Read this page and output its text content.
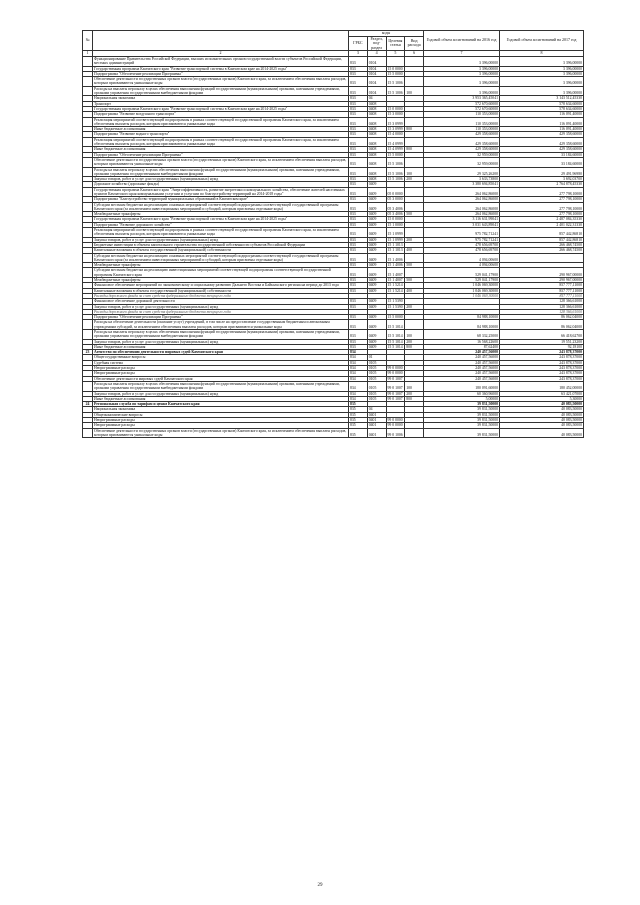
№		коды				Годовой объем ассигнований на 2016 год	Годовой объем ассигнований на 2017 год
		ГРБС	Раздел, под-раздел	Целевая статья	Вид расхода		
1	2	3	4	5	6	7	8
	Функционирование Правительства Российской Федерации, высших исполнительных органов государственной власти субъектов Российской Федерации, местных администраций	833	0104			3 396,00000	3 396,00000
	Государственная программа Камчатского края "Развитие транспортной системы в Камчатском крае на 2014-2025 годы"	833	0104	15 0 0000		3 396,00000	3 396,00000
	Подпрограмма "Обеспечение реализации Программы"	833	0104	15 5 0000		3 396,00000	3 396,00000
	Обеспечение деятельности государственных органов власти (государственных органов) Камчатского края, за исключением обеспечения выплаты расходов, которым присваиваются уникальные коды	833	0104	15 5 1006		3 396,00000	3 396,00000
	Расходы на выплаты персоналу в целях обеспечения выполнения функций государственными (муниципальными) органами, казенными учреждениями, органами управления государственными внебюджетными фондами	833	0104	15 5 1006	100	3 396,00000	3 396,00000
	Национальная экономика	833	04			3 953 365,45041	3 143 512,45330
	Транспорт	833	0408			572 670,60000	578 634,60000
	Государственная программа Камчатского края "Развитие транспортной системы в Камчатском крае на 2014-2025 годы"	833	0408	15 0 0000		572 670,60000	578 634,60000
	Подпрограмма "Развитие воздушного транспорта"	833	0408	15 3 0000		110 353,00000	116 091,40000
	Реализация мероприятий соответствующей подпрограммы в рамках соответствующей государственной программы Камчатского края, за исключением обеспечения выплаты расходов, которым присваиваются уникальные коды	833	0408	15 3 0999		110 353,00000	116 091,40000
	Иные бюджетные ассигнования	833	0408	15 3 0999	800	110 353,00000	116 091,40000
	Подпрограмма "Развитие водного транспорта"	833	0408	15 4 0000		429 358,60000	429 358,60000
	Реализация мероприятий соответствующей подпрограммы в рамках соответствующей государственной программы Камчатского края, за исключением обеспечения выплаты расходов, которым присваиваются уникальные коды	833	0408	15 4 0999		429 358,60000	429 358,60000
	Иные бюджетные ассигнования	833	0408	15 4 0999	800	429 358,60000	429 358,60000
	Подпрограмма "Обеспечение реализации Программы"	833	0408	15 5 0000		32 959,00000	33 184,60000
	Обеспечение деятельности государственных органов власти (государственных органов) Камчатского края, за исключением обеспечения выплаты расходов, которым присваиваются уникальные коды	833	0408	15 5 1006		32 959,00000	33 184,60000
	Расходы на выплаты персоналу в целях обеспечения выполнения функций государственными (муниципальными) органами, казенными учреждениями, органами управления государственными внебюджетными фондами	833	0408	15 5 1006	100	29 325,26200	29 491,96980
	Закупка товаров, работ и услуг для государственных (муниципальных) нужд	833	0408	15 5 1006	200	3 633,73800	3 692,03700
	Дорожное хозяйство (дорожные фонды)	833	0409			3 380 694,85041	2 764 878,45330
	Государственная программа Камчатского края "Энергоэффективность, развитие энергетики и коммунального хозяйства, обеспечение жителей населенных пунктов Камчатского края коммунальными услугами и услугами по благоустройству территорий на 2014-2018 годы"	833	0409	05 0 0000		264 062,86000	277 798,10000
	Подпрограмма "Благоустройство территорий муниципальных образований в Камчатском крае"	833	0409	05 3 0000		264 062,86000	277 798,10000
	Субсидии местным бюджетам на реализацию основных мероприятий соответствующей подпрограммы соответствующей государственной программы Камчатского края (за исключением инвестиционных мероприятий и субсидий, которым присвоены отдельные коды)	833	0409	05 3 4006		264 062,86000	277 798,10000
	Межбюджетные трансферты	833	0409	05 3 4006	500	264 062,86000	277 798,10000
	Государственная программа Камчатского края "Развитие транспортной системы в Камчатском крае на 2014-2025 годы"	833	0409	15 0 0000		3 116 631,99041	2 487 084,35330
	Подпрограмма "Развитие дорожного хозяйства"	833	0409	15 1 0000		3 031 643,89041	2 401 022,31330
	Реализация мероприятий соответствующей подпрограммы в рамках соответствующей государственной программы Камчатского края, за исключением обеспечения выплаты расходов, которым присваиваются уникальные коды	833	0409	15 1 0999		975 782,71241	857 442,86810
	Закупка товаров, работ и услуг для государственных (муниципальных) нужд	833	0409	15 1 0999	200	975 782,71241	857 442,86810
	Бюджетные инвестиции в объекты капитального строительства государственной собственности субъектов Российской Федерации	833	0409	15 1 1013		478 656,69700	266 468,74500
	Капитальные вложения в объекты государственной (муниципальной) собственности	833	0409	15 1 1013	400	478 656,69700	266 468,74500
	Субсидии местным бюджетам на реализацию основных мероприятий соответствующей подпрограммы соответствующей государственной программы Камчатского края (за исключением инвестиционных мероприятий и субсидий, которым присвоены отдельные коды)	833	0409	15 1 4006		4 094,00600	
	Межбюджетные трансферты	833	0409	15 1 4006	500	4 094,00600	
	Субсидии местным бюджетам на реализацию инвестиционных мероприятий соответствующей подпрограммы соответствующей государственной программы Камчатского края	833	0409	15 1 4007		529 041,17900	290 967,00000
	Межбюджетные трансферты	833	0409	15 1 4007	500	529 041,17900	290 967,00000
	Финансовое обеспечение мероприятий по экономическому и социальному развитию Дальнего Востока и Байкальского региона на период до 2013 года	833	0409	15 1 5214		1 046 069,30000	857 777,11000
	Капитальные вложения в объекты государственной (муниципальной) собственности	833	0409	15 1 5214	400	1 046 069,30000	857 777,11000
	Расходы дорожного фонда за счет средств федерального бюджета текущего года					1 046 069,30000	857 777,11000
	Финансовое обеспечение дорожной деятельности	833	0409	15 1 5390			128 366,61000
	Закупка товаров, работ и услуг для государственных (муниципальных) нужд	833	0409	15 1 5390	200		128 366,61000
	Расходы дорожного фонда за счет средств федерального бюджета текущего года						128 366,61000
	Подпрограмма "Обеспечение реализации Программы"	833	0409	15 5 0000		84 988,10000	86 062,04000
	Расходы на обеспечение деятельности (оказание услуг) учреждений, в том числе на предоставление государственным бюджетным и автономным учреждениям субсидий, за исключением обеспечения выплаты расходов, которым присваиваются уникальные коды	833	0409	15 5 1014		84 988,10000	86 062,04000
	Расходы на выплаты персоналу в целях обеспечения выполнения функций государственными (муниципальными) органами, казенными учреждениями, органами управления государственными внебюджетными фондами	833	0409	15 5 1014	100	68 332,25000	66 418,62700
	Закупка товаров, работ и услуг для государственных (муниципальных) нужд	833	0409	15 5 1014	200	16 568,22600	19 551,23200
	Иные бюджетные ассигнования	833	0409	15 5 1014	800	87,62400	92,18100
23	Агентство по обеспечению деятельности мировых судей Камчатского края	834				240 457,56000	243 878,37000
	Общегосударственные вопросы	834	01			240 457,56000	243 878,37000
	Судебная система	834	0105			240 457,56000	243 878,37000
	Непрограммные расходы	834	0105	99 0 0000		240 457,56000	243 878,37000
	Непрограммные расходы	834	0105	99 0 0000		240 457,56000	243 878,37000
	Обеспечение деятельности мировых судей Камчатского края	834	0105	99 0 1007		240 457,56000	243 878,37000
	Расходы на выплаты персоналу в целях обеспечения выполнения функций государственными (муниципальными) органами, казенными учреждениями, органами управления государственными внебюджетными фондами	834	0105	99 0 1007	100	180 091,60000	180 452,00000
	Закупка товаров, работ и услуг для государственных (муниципальных) нужд	834	0105	99 0 1007	200	60 360,96000	63 421,07000
	Иные бюджетные ассигнования	834	0105	99 0 1007	800	5,00000	5,30000
24	Региональная служба по тарифам и ценам Камчатского края	835				39 831,50000	40 083,50000
	Национальная экономика	835	04			39 831,50000	40 083,50000
	Общеэкономические вопросы	835	0401			39 831,50000	40 083,50000
	Непрограммные расходы	835	0401	99 0 0000		39 831,50000	40 083,50000
	Непрограммные расходы	835	0401	99 0 0000		39 831,50000	40 083,50000
	Обеспечение деятельности государственных органов власти (государственных органов) Камчатского края, за исключением обеспечения выплаты расходов, которым присваиваются уникальные коды	835	0401	99 0 1006		39 831,50000	40 083,50000
29
